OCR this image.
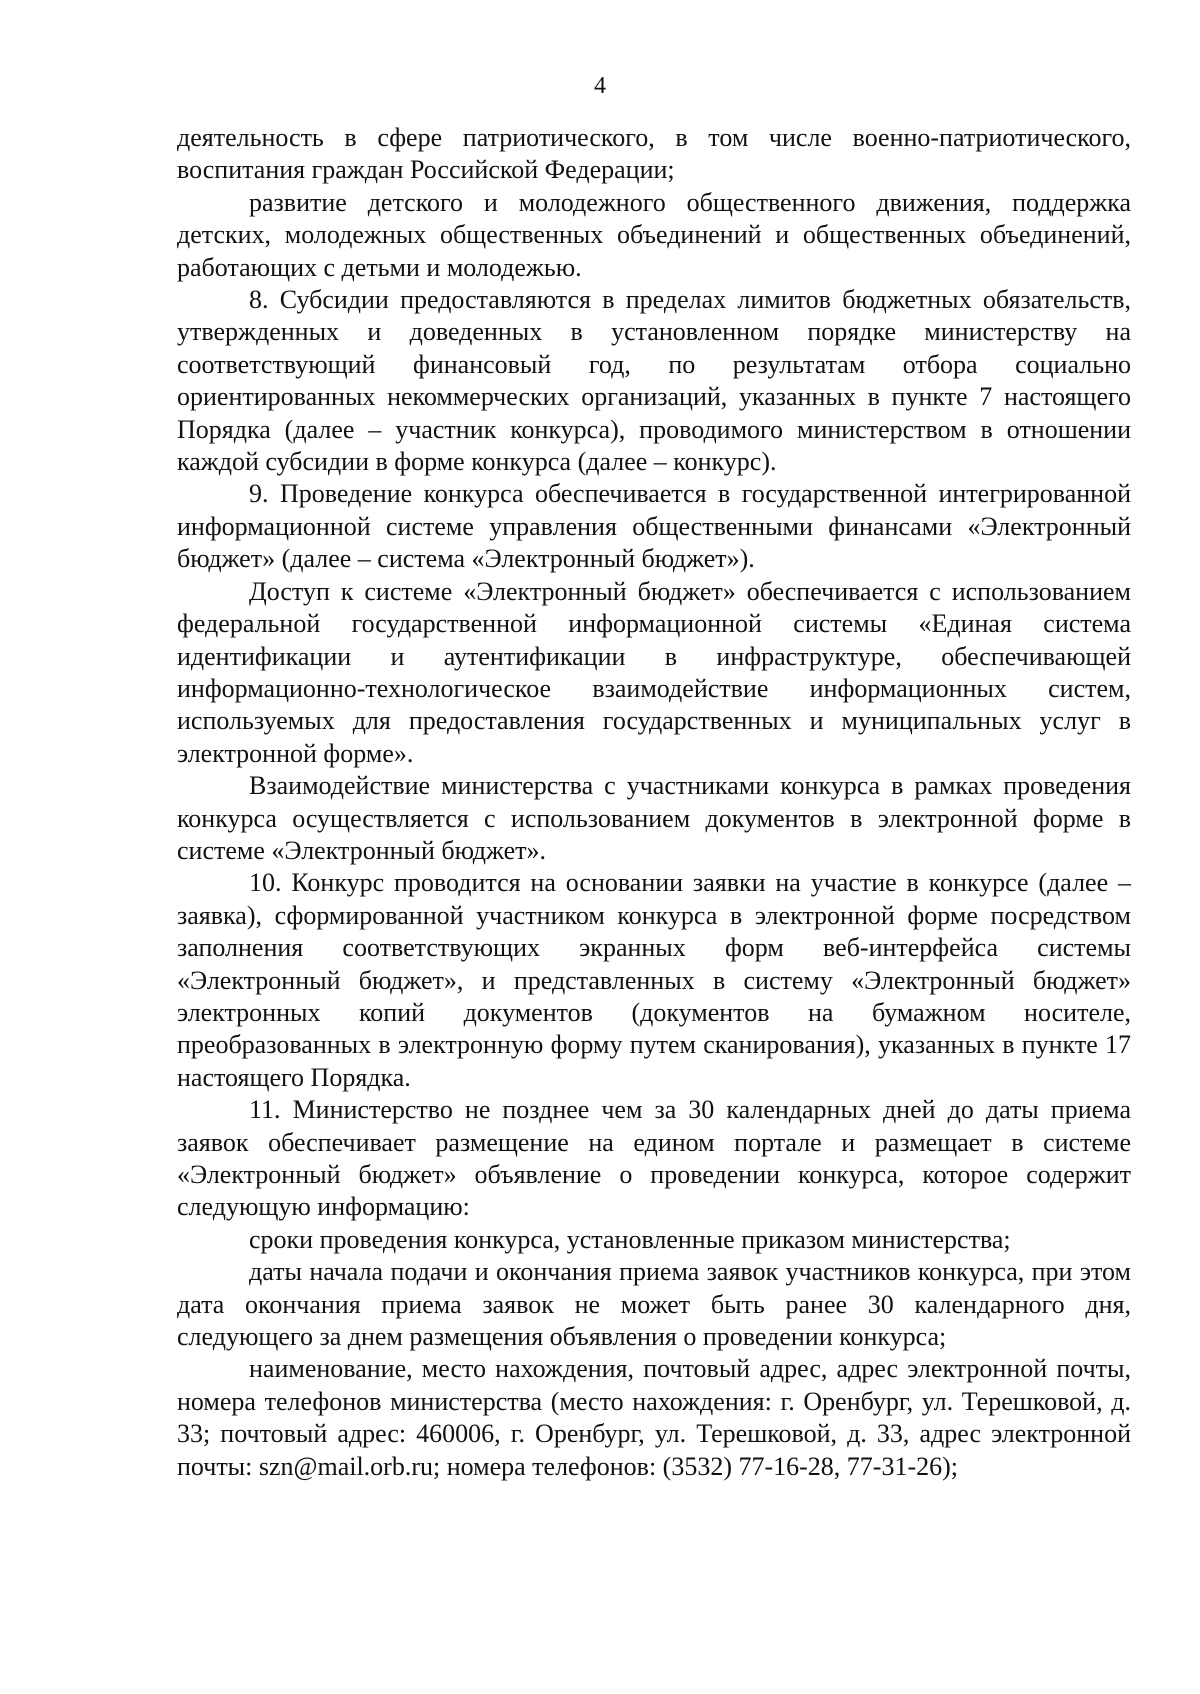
4

деятельность в сфере патриотического, в том числе военно-патриотического, воспитания граждан Российской Федерации;

развитие детского и молодежного общественного движения, поддержка детских, молодежных общественных объединений и общественных объединений, работающих с детьми и молодежью.

8. Субсидии предоставляются в пределах лимитов бюджетных обязательств, утвержденных и доведенных в установленном порядке министерству на соответствующий финансовый год, по результатам отбора социально ориентированных некоммерческих организаций, указанных в пункте 7 настоящего Порядка (далее – участник конкурса), проводимого министерством в отношении каждой субсидии в форме конкурса (далее – конкурс).

9. Проведение конкурса обеспечивается в государственной интегрированной информационной системе управления общественными финансами «Электронный бюджет» (далее – система «Электронный бюджет»).

Доступ к системе «Электронный бюджет» обеспечивается с использованием федеральной государственной информационной системы «Единая система идентификации и аутентификации в инфраструктуре, обеспечивающей информационно-технологическое взаимодействие информационных систем, используемых для предоставления государственных и муниципальных услуг в электронной форме».

Взаимодействие министерства с участниками конкурса в рамках проведения конкурса осуществляется с использованием документов в электронной форме в системе «Электронный бюджет».

10. Конкурс проводится на основании заявки на участие в конкурсе (далее – заявка), сформированной участником конкурса в электронной форме посредством заполнения соответствующих экранных форм веб-интерфейса системы «Электронный бюджет», и представленных в систему «Электронный бюджет» электронных копий документов (документов на бумажном носителе, преобразованных в электронную форму путем сканирования), указанных в пункте 17 настоящего Порядка.

11. Министерство не позднее чем за 30 календарных дней до даты приема заявок обеспечивает размещение на едином портале и размещает в системе «Электронный бюджет» объявление о проведении конкурса, которое содержит следующую информацию:

сроки проведения конкурса, установленные приказом министерства;

даты начала подачи и окончания приема заявок участников конкурса, при этом дата окончания приема заявок не может быть ранее 30 календарного дня, следующего за днем размещения объявления о проведении конкурса;

наименование, место нахождения, почтовый адрес, адрес электронной почты, номера телефонов министерства (место нахождения: г. Оренбург, ул. Терешковой, д. 33; почтовый адрес: 460006, г. Оренбург, ул. Терешковой, д. 33, адрес электронной почты: szn@mail.orb.ru; номера телефонов: (3532) 77-16-28, 77-31-26);
